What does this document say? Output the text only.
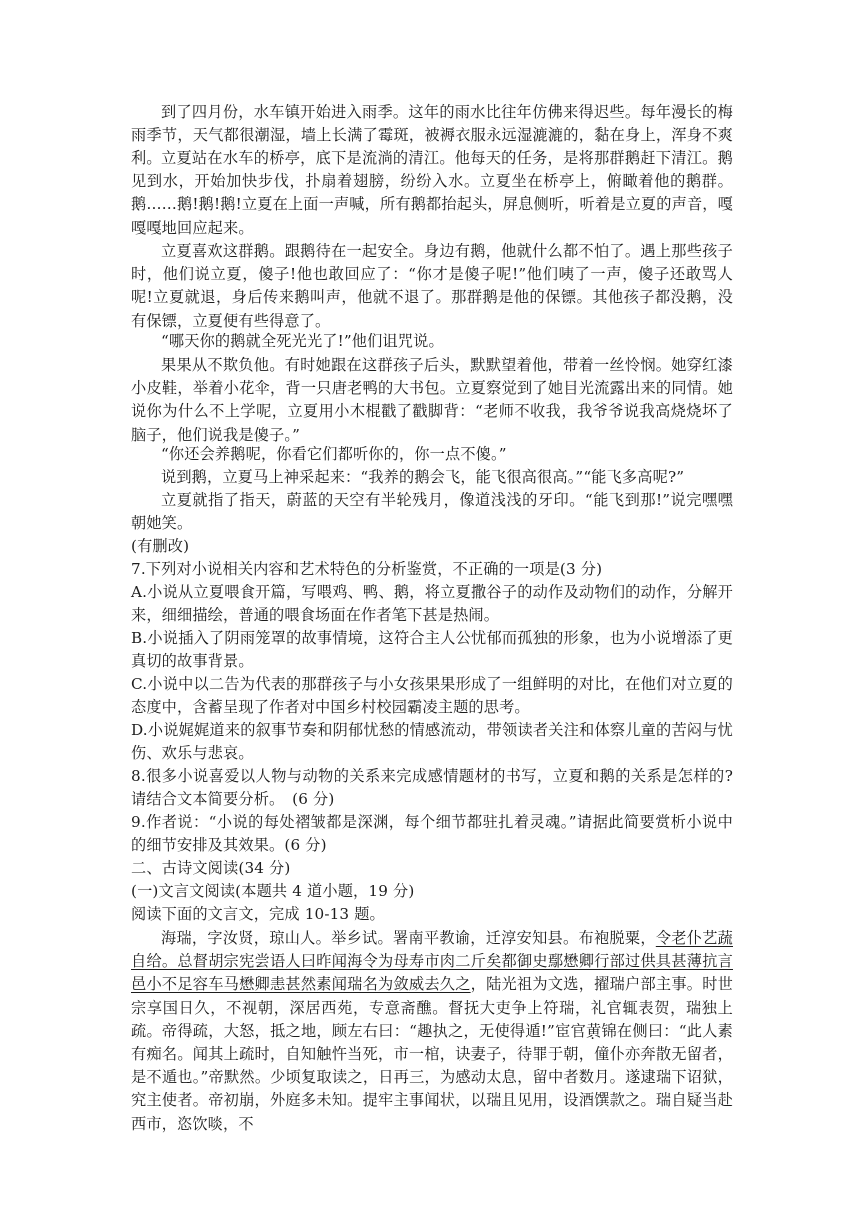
到了四月份，水车镇开始进入雨季。这年的雨水比往年仿佛来得迟些。每年漫长的梅雨季节，天气都很潮湿，墙上长满了霉斑，被褥衣服永远湿漉漉的，黏在身上，浑身不爽利。 立夏站在水车的桥亭，底下是流淌的清江。他每天的任务，是将那群鹅赶下清江。鹅见到水，开始加快步伐，扑扇着翅膀，纷纷入水。立夏坐在桥亭上，俯瞰着他的鹅群。鹅……鹅!鹅!鹅!立夏在上面一声喊，所有鹅都抬起头，屏息侧听，听着是立夏的声音，嘎嘎嘎地回应起来。

立夏喜欢这群鹅。跟鹅待在一起安全。身边有鹅，他就什么都不怕了。遇上那些孩子时，他们说立夏，傻子!他也敢回应了：“你才是傻子呢!”他们咦了一声，傻子还敢骂人呢!立夏就退，身后传来鹅叫声，他就不退了。那群鹅是他的保镖。其他孩子都没鹅，没有保镖，立夏便有些得意了。

“哪天你的鹅就全死光光了!”他们诅咒说。

果果从不欺负他。有时她跟在这群孩子后头，默默望着他，带着一丝怜悯。她穿红漆小皮鞋，举着小花伞，背一只唐老鸭的大书包。立夏察觉到了她目光流露出来的同情。她说你为什么不上学呢，立夏用小木棍戳了戳脚背：“老师不收我，我爷爷说我高烧烧坏了脑子，他们说我是傻子。”

“你还会养鹅呢，你看它们都听你的，你一点不傻。”

说到鹅，立夏马上神采起来：“我养的鹅会飞，能飞很高很高。”“能飞多高呢?”

立夏就指了指天，蔚蓝的天空有半轮残月，像道浅浅的牙印。“能飞到那!”说完嘿嘿朝她笑。

(有删改)

7.下列对小说相关内容和艺术特色的分析鉴赏，不正确的一项是(3 分)

A.小说从立夏喂食开篇，写喂鸡、鸭、鹅，将立夏撒谷子的动作及动物们的动作，分解开来，细细描绘，普通的喂食场面在作者笔下甚是热闹。

B.小说插入了阴雨笼罩的故事情境，这符合主人公忧郁而孤独的形象，也为小说增添了更真切的故事背景。

C.小说中以二告为代表的那群孩子与小女孩果果形成了一组鲜明的对比，在他们对立夏的态度中，含蓄呈现了作者对中国乡村校园霸凌主题的思考。

D.小说娓娓道来的叙事节奏和阴郁忧愁的情感流动，带领读者关注和体察儿童的苦闷与忧伤、欢乐与悲哀。

8.很多小说喜爱以人物与动物的关系来完成感情题材的书写，立夏和鹅的关系是怎样的?请结合文本简要分析。　(6 分)

9.作者说：“小说的每处褶皱都是深渊，每个细节都驻扎着灵魂。”请据此简要赏析小说中的细节安排及其效果。(6 分)

二、古诗文阅读(34 分)

(一)文言文阅读(本题共 4 道小题，19 分)

阅读下面的文言文，完成 10-13 题。

海瑞，字汝贤，琼山人。举乡试。署南平教谕，迁淳安知县。布袍脱粟，令老仆艺蔬自给。总督胡宗宪尝语人曰昨闻海令为母寿市肉二斤矣都御史鄢懋卿行部过供具甚薄抗言邑小不足容车马懋卿恚甚然素闻瑞名为敛威去久之，陆光祖为文选，擢瑞户部主事。时世宗享国日久，不视朝，深居西苑，专意斋醮。督抚大吏争上符瑞，礼官辄表贺，瑞独上疏。帝得疏，大怒，抵之地，顾左右曰：“趣执之，无使得遁!”宦 ·官黄锦在侧曰：“此人素有痴名。闻其上疏时，自知触忤当死，市一棺，诀妻子，待罪于朝，僮仆亦奔散无留者，是不遁也。”帝默然。少顷复取读之，日再三，为感动太息，留中者数月。遂逮瑞下诏狱，究主使者。帝初崩，外庭多未知。提牢主事闻状，以瑞且见用，设酒馔款之。瑞自疑当赴西市，恣饮啖，不
